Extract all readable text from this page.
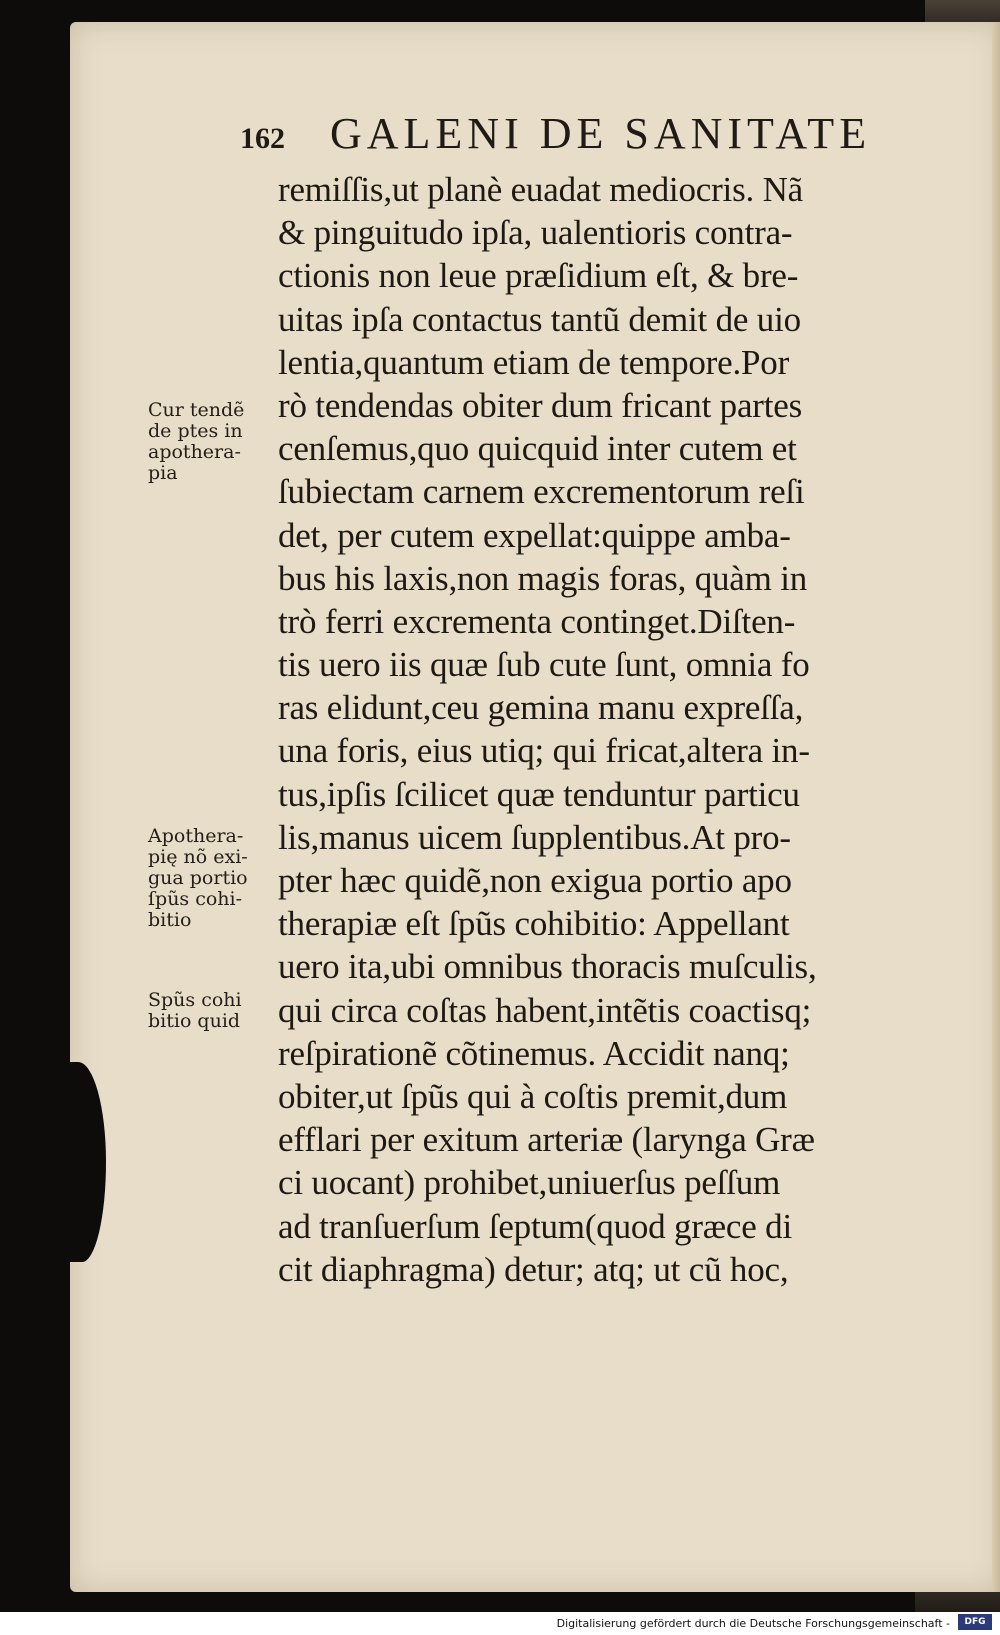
162 GALENI DE SANITATE
remiſſis,ut planè euadat mediocris. Nã
& pinguitudo ipſa, ualentioris contra-
ctionis non leue præſidium eſt, & bre-
uitas ipſa contactus tantũ demit de uio
lentia,quantum etiam de tempore.Por
rò tendendas obiter dum fricant partes
cenſemus,quo quicquid inter cutem et
ſubiectam carnem excrementorum reſi
det, per cutem expellat:quippe amba-
bus his laxis,non magis foras, quàm in
trò ferri excrementa continget.Diſten-
tis uero iis quæ ſub cute ſunt, omnia fo
ras elidunt,ceu gemina manu expreſſa,
una foris, eius utiq; qui fricat,altera in-
tus,ipſis ſcilicet quæ tenduntur particu
lis,manus uicem ſupplentibus.At pro-
pter hæc quidẽ,non exigua portio apo
therapiæ eſt ſpũs cohibitio: Appellant
uero ita,ubi omnibus thoracis muſculis,
qui circa coſtas habent,intẽtis coactisq;
reſpirationẽ cõtinemus. Accidit nanq;
obiter,ut ſpũs qui à coſtis premit,dum
efflari per exitum arteriæ (larynga Græ
ci uocant) prohibet,uniuerſus peſſum
ad tranſuerſum ſeptum(quod græce di
cit diaphragma) detur; atq; ut cũ hoc,
Cur tendẽ
de ptes in
apothera-
pia
Apothera-
pię nõ exi-
gua portio
ſpũs cohi-
bitio
Spũs cohi
bitio quid
Digitalisierung gefördert durch die Deutsche Forschungsgemeinschaft -	DFG
